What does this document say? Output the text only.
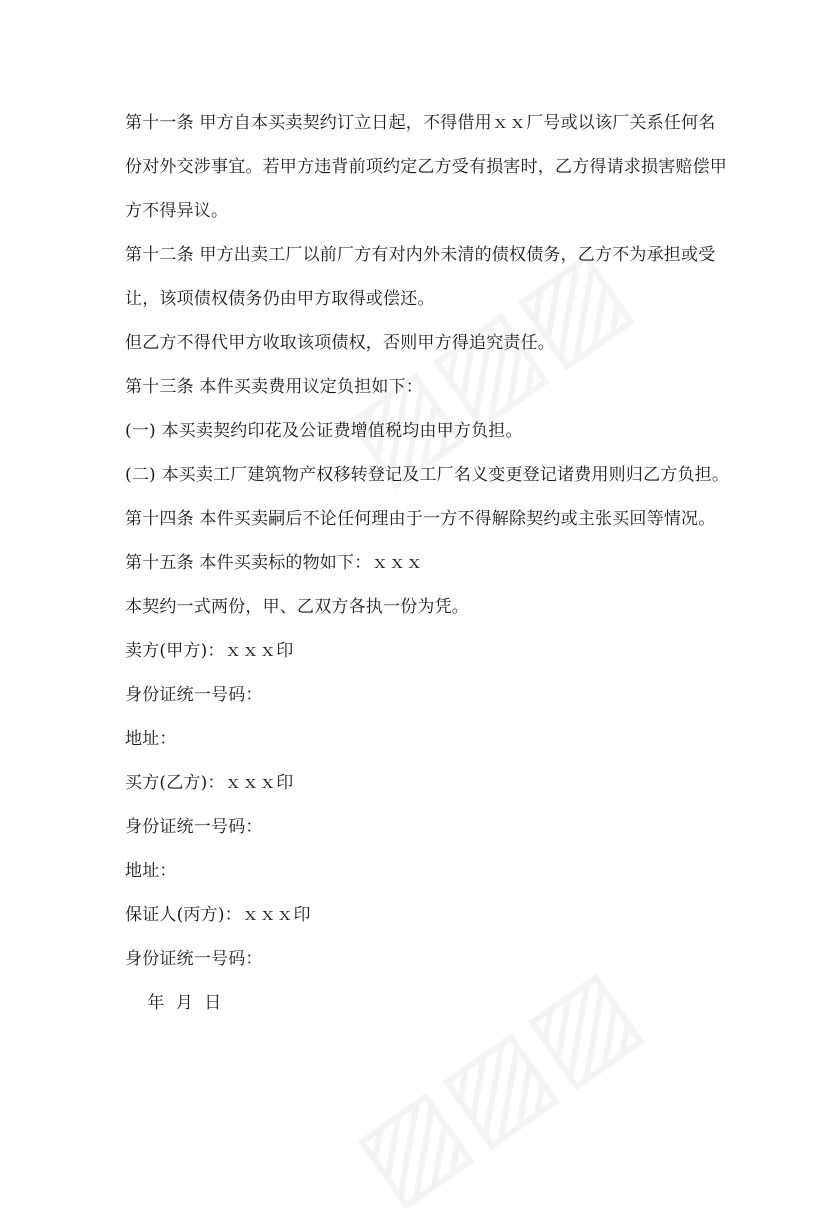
第十一条 甲方自本买卖契约订立日起，不得借用ｘｘ厂号或以该厂关系任何名
份对外交涉事宜。若甲方违背前项约定乙方受有损害时，乙方得请求损害赔偿甲
方不得异议。
第十二条 甲方出卖工厂以前厂方有对内外未清的债权债务，乙方不为承担或受
让，该项债权债务仍由甲方取得或偿还。
但乙方不得代甲方收取该项债权，否则甲方得追究责任。
第十三条 本件买卖费用议定负担如下：
(一) 本买卖契约印花及公证费增值税均由甲方负担。
(二) 本买卖工厂建筑物产权移转登记及工厂名义变更登记诸费用则归乙方负担。
第十四条 本件买卖嗣后不论任何理由于一方不得解除契约或主张买回等情况。
第十五条 本件买卖标的物如下：ｘｘｘ
本契约一式两份，甲、乙双方各执一份为凭。
卖方(甲方)：ｘｘｘ印
身份证统一号码：
地址：
买方(乙方)：ｘｘｘ印
身份证统一号码：
地址：
保证人(丙方)：ｘｘｘ印
身份证统一号码：
年  月  日
